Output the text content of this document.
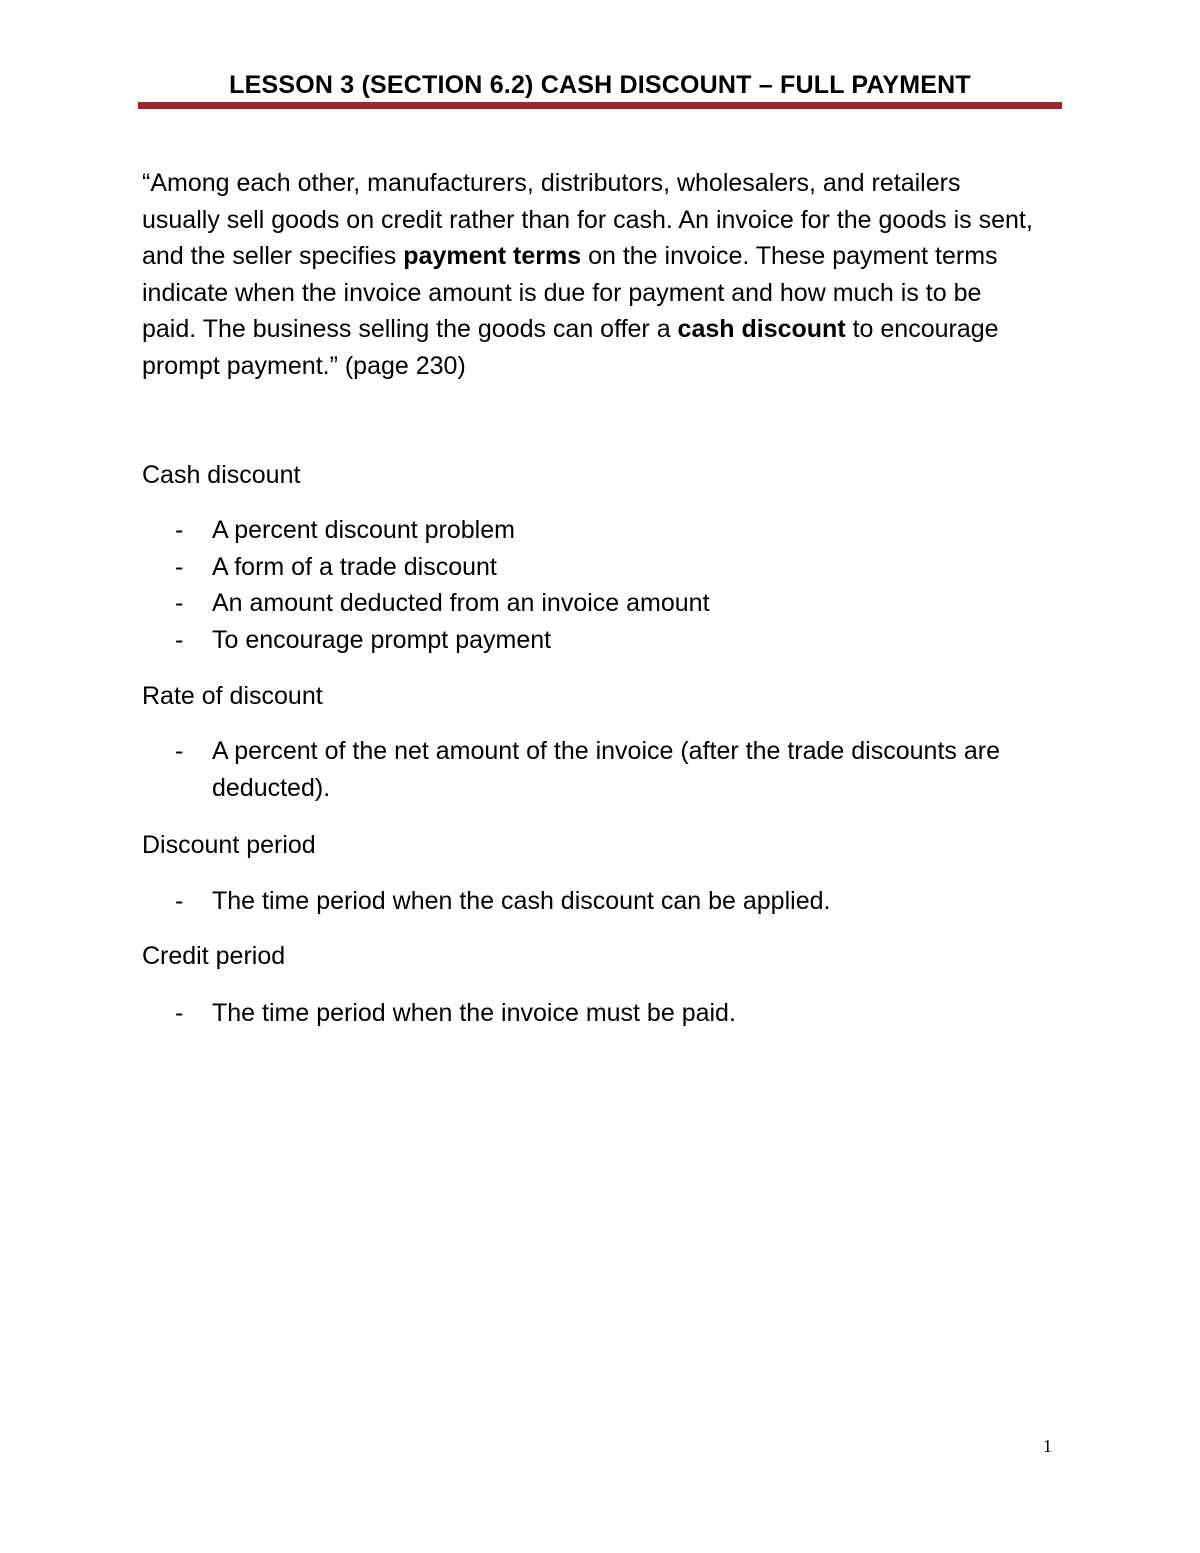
LESSON 3 (SECTION 6.2) CASH DISCOUNT – FULL PAYMENT

“Among each other, manufacturers, distributors, wholesalers, and retailers usually sell goods on credit rather than for cash. An invoice for the goods is sent, and the seller specifies payment terms on the invoice. These payment terms indicate when the invoice amount is due for payment and how much is to be paid. The business selling the goods can offer a cash discount to encourage prompt payment.” (page 230)

Cash discount
- A percent discount problem
- A form of a trade discount
- An amount deducted from an invoice amount
- To encourage prompt payment
Rate of discount
- A percent of the net amount of the invoice (after the trade discounts are deducted).
Discount period
- The time period when the cash discount can be applied.
Credit period
- The time period when the invoice must be paid.
1
